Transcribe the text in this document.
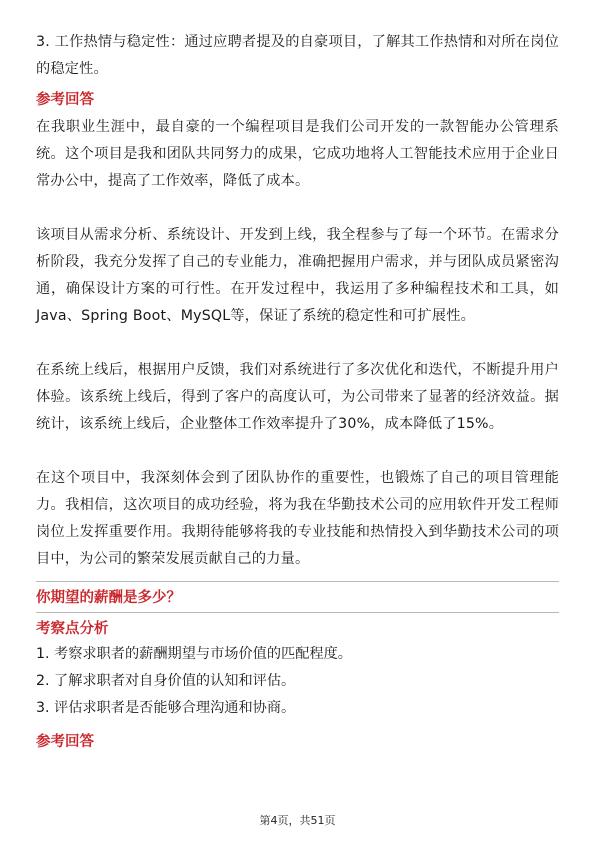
3. 工作热情与稳定性：通过应聘者提及的自豪项目，了解其工作热情和对所在岗位的稳定性。

参考回答

在我职业生涯中，最自豪的一个编程项目是我们公司开发的一款智能办公管理系统。这个项目是我和团队共同努力的成果，它成功地将人工智能技术应用于企业日常办公中，提高了工作效率，降低了成本。

该项目从需求分析、系统设计、开发到上线，我全程参与了每一个环节。在需求分析阶段，我充分发挥了自己的专业能力，准确把握用户需求，并与团队成员紧密沟通，确保设计方案的可行性。在开发过程中，我运用了多种编程技术和工具，如Java、Spring Boot、MySQL等，保证了系统的稳定性和可扩展性。

在系统上线后，根据用户反馈，我们对系统进行了多次优化和迭代，不断提升用户体验。该系统上线后，得到了客户的高度认可，为公司带来了显著的经济效益。据统计，该系统上线后，企业整体工作效率提升了30%，成本降低了15%。

在这个项目中，我深刻体会到了团队协作的重要性，也锻炼了自己的项目管理能力。我相信，这次项目的成功经验，将为我在华勤技术公司的应用软件开发工程师岗位上发挥重要作用。我期待能够将我的专业技能和热情投入到华勤技术公司的项目中，为公司的繁荣发展贡献自己的力量。

你期望的薪酬是多少？

考察点分析

1. 考察求职者的薪酬期望与市场价值的匹配程度。

2. 了解求职者对自身价值的认知和评估。

3. 评估求职者是否能够合理沟通和协商。

参考回答

第4页，共51页
